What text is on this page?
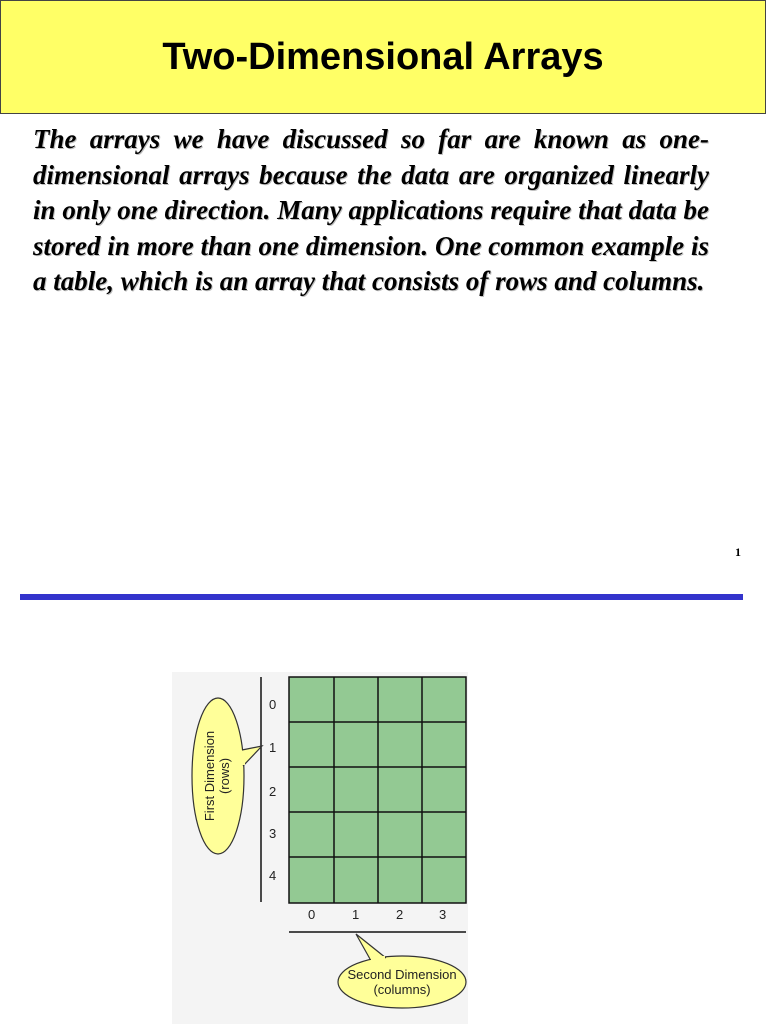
Two-Dimensional Arrays
The arrays we have discussed so far are known as one-dimensional arrays because the data are organized linearly in only one direction. Many applications require that data be stored in more than one dimension. One common example is a table, which is an array that consists of rows and columns.
1
0
1
2
3
4
0	1	2	3
First Dimension (rows)
Second Dimension
(columns)
